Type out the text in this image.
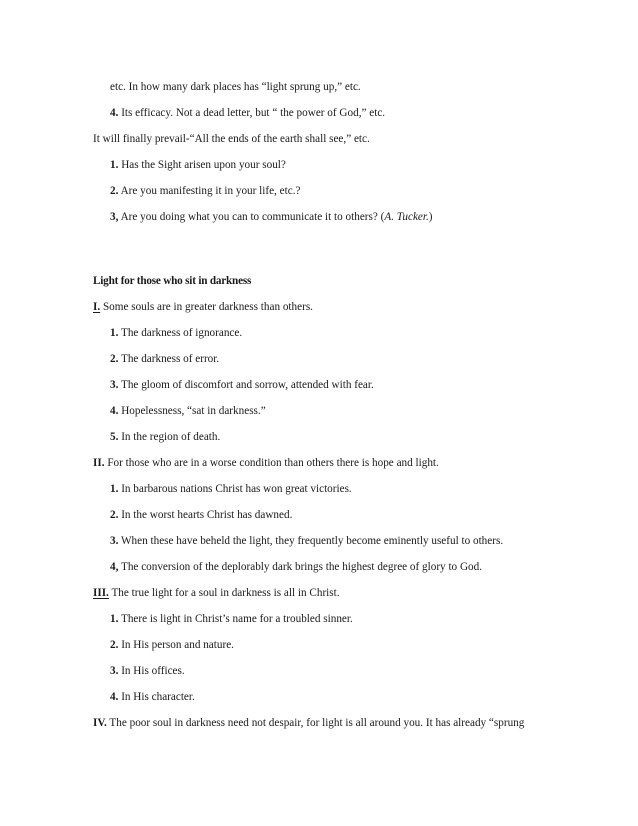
etc. In how many dark places has “light sprung up,” etc.
4. Its efficacy. Not a dead letter, but “ the power of God,” etc.
It will finally prevail-“All the ends of the earth shall see,” etc.
1. Has the Sight arisen upon your soul?
2. Are you manifesting it in your life, etc.?
3, Are you doing what you can to communicate it to others? (A. Tucker.)
Light for those who sit in darkness
I. Some souls are in greater darkness than others.
1. The darkness of ignorance.
2. The darkness of error.
3. The gloom of discomfort and sorrow, attended with fear.
4. Hopelessness, “sat in darkness.”
5. In the region of death.
II. For those who are in a worse condition than others there is hope and light.
1. In barbarous nations Christ has won great victories.
2. In the worst hearts Christ has dawned.
3. When these have beheld the light, they frequently become eminently useful to others.
4, The conversion of the deplorably dark brings the highest degree of glory to God.
III. The true light for a soul in darkness is all in Christ.
1. There is light in Christ’s name for a troubled sinner.
2. In His person and nature.
3. In His offices.
4. In His character.
IV. The poor soul in darkness need not despair, for light is all around you. It has already “sprung
